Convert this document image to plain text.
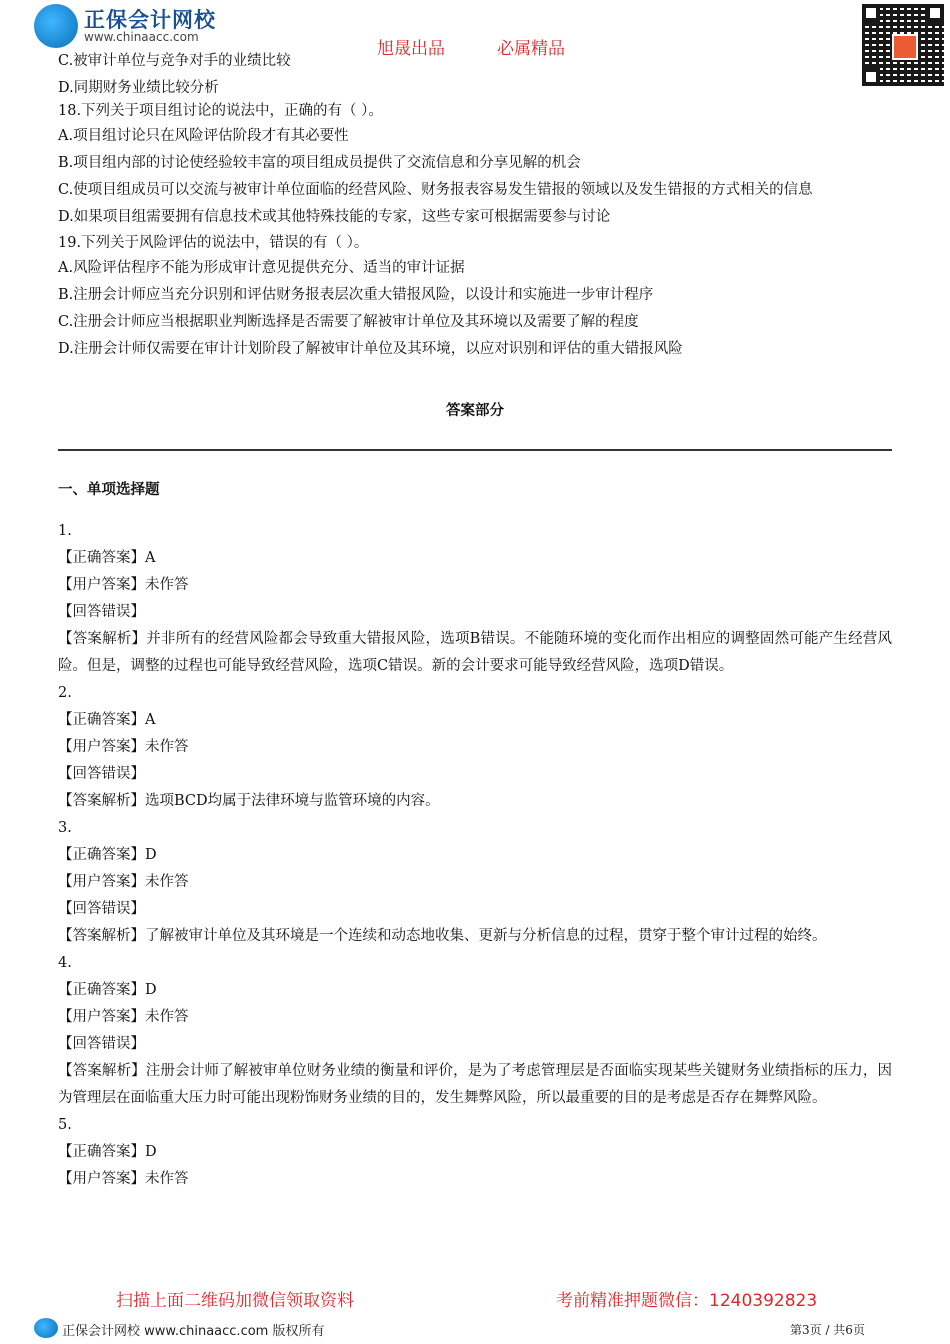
正保会计网校
www.chinaacc.com
旭晟出品	必属精品
C.被审计单位与竞争对手的业绩比较
D.同期财务业绩比较分析
18.下列关于项目组讨论的说法中，正确的有（ ）。
A.项目组讨论只在风险评估阶段才有其必要性
B.项目组内部的讨论使经验较丰富的项目组成员提供了交流信息和分享见解的机会
C.使项目组成员可以交流与被审计单位面临的经营风险、财务报表容易发生错报的领域以及发生错报的方式相关的信息
D.如果项目组需要拥有信息技术或其他特殊技能的专家，这些专家可根据需要参与讨论
19.下列关于风险评估的说法中，错误的有（ ）。
A.风险评估程序不能为形成审计意见提供充分、适当的审计证据
B.注册会计师应当充分识别和评估财务报表层次重大错报风险，以设计和实施进一步审计程序
C.注册会计师应当根据职业判断选择是否需要了解被审计单位及其环境以及需要了解的程度
D.注册会计师仅需要在审计计划阶段了解被审计单位及其环境，以应对识别和评估的重大错报风险
答案部分
一、单项选择题
1.
【正确答案】A
【用户答案】未作答
【回答错误】
【答案解析】并非所有的经营风险都会导致重大错报风险，选项B错误。不能随环境的变化而作出相应的调整固然可能产生经营风险。但是，调整的过程也可能导致经营风险，选项C错误。新的会计要求可能导致经营风险，选项D错误。
2.
【正确答案】A
【用户答案】未作答
【回答错误】
【答案解析】选项BCD均属于法律环境与监管环境的内容。
3.
【正确答案】D
【用户答案】未作答
【回答错误】
【答案解析】了解被审计单位及其环境是一个连续和动态地收集、更新与分析信息的过程，贯穿于整个审计过程的始终。
4.
【正确答案】D
【用户答案】未作答
【回答错误】
【答案解析】注册会计师了解被审单位财务业绩的衡量和评价，是为了考虑管理层是否面临实现某些关键财务业绩指标的压力，因为管理层在面临重大压力时可能出现粉饰财务业绩的目的，发生舞弊风险，所以最重要的目的是考虑是否存在舞弊风险。
5.
【正确答案】D
【用户答案】未作答
扫描上面二维码加微信领取资料	考前精准押题微信：1240392823
正保会计网校 www.chinaacc.com 版权所有	第3页 / 共6页
